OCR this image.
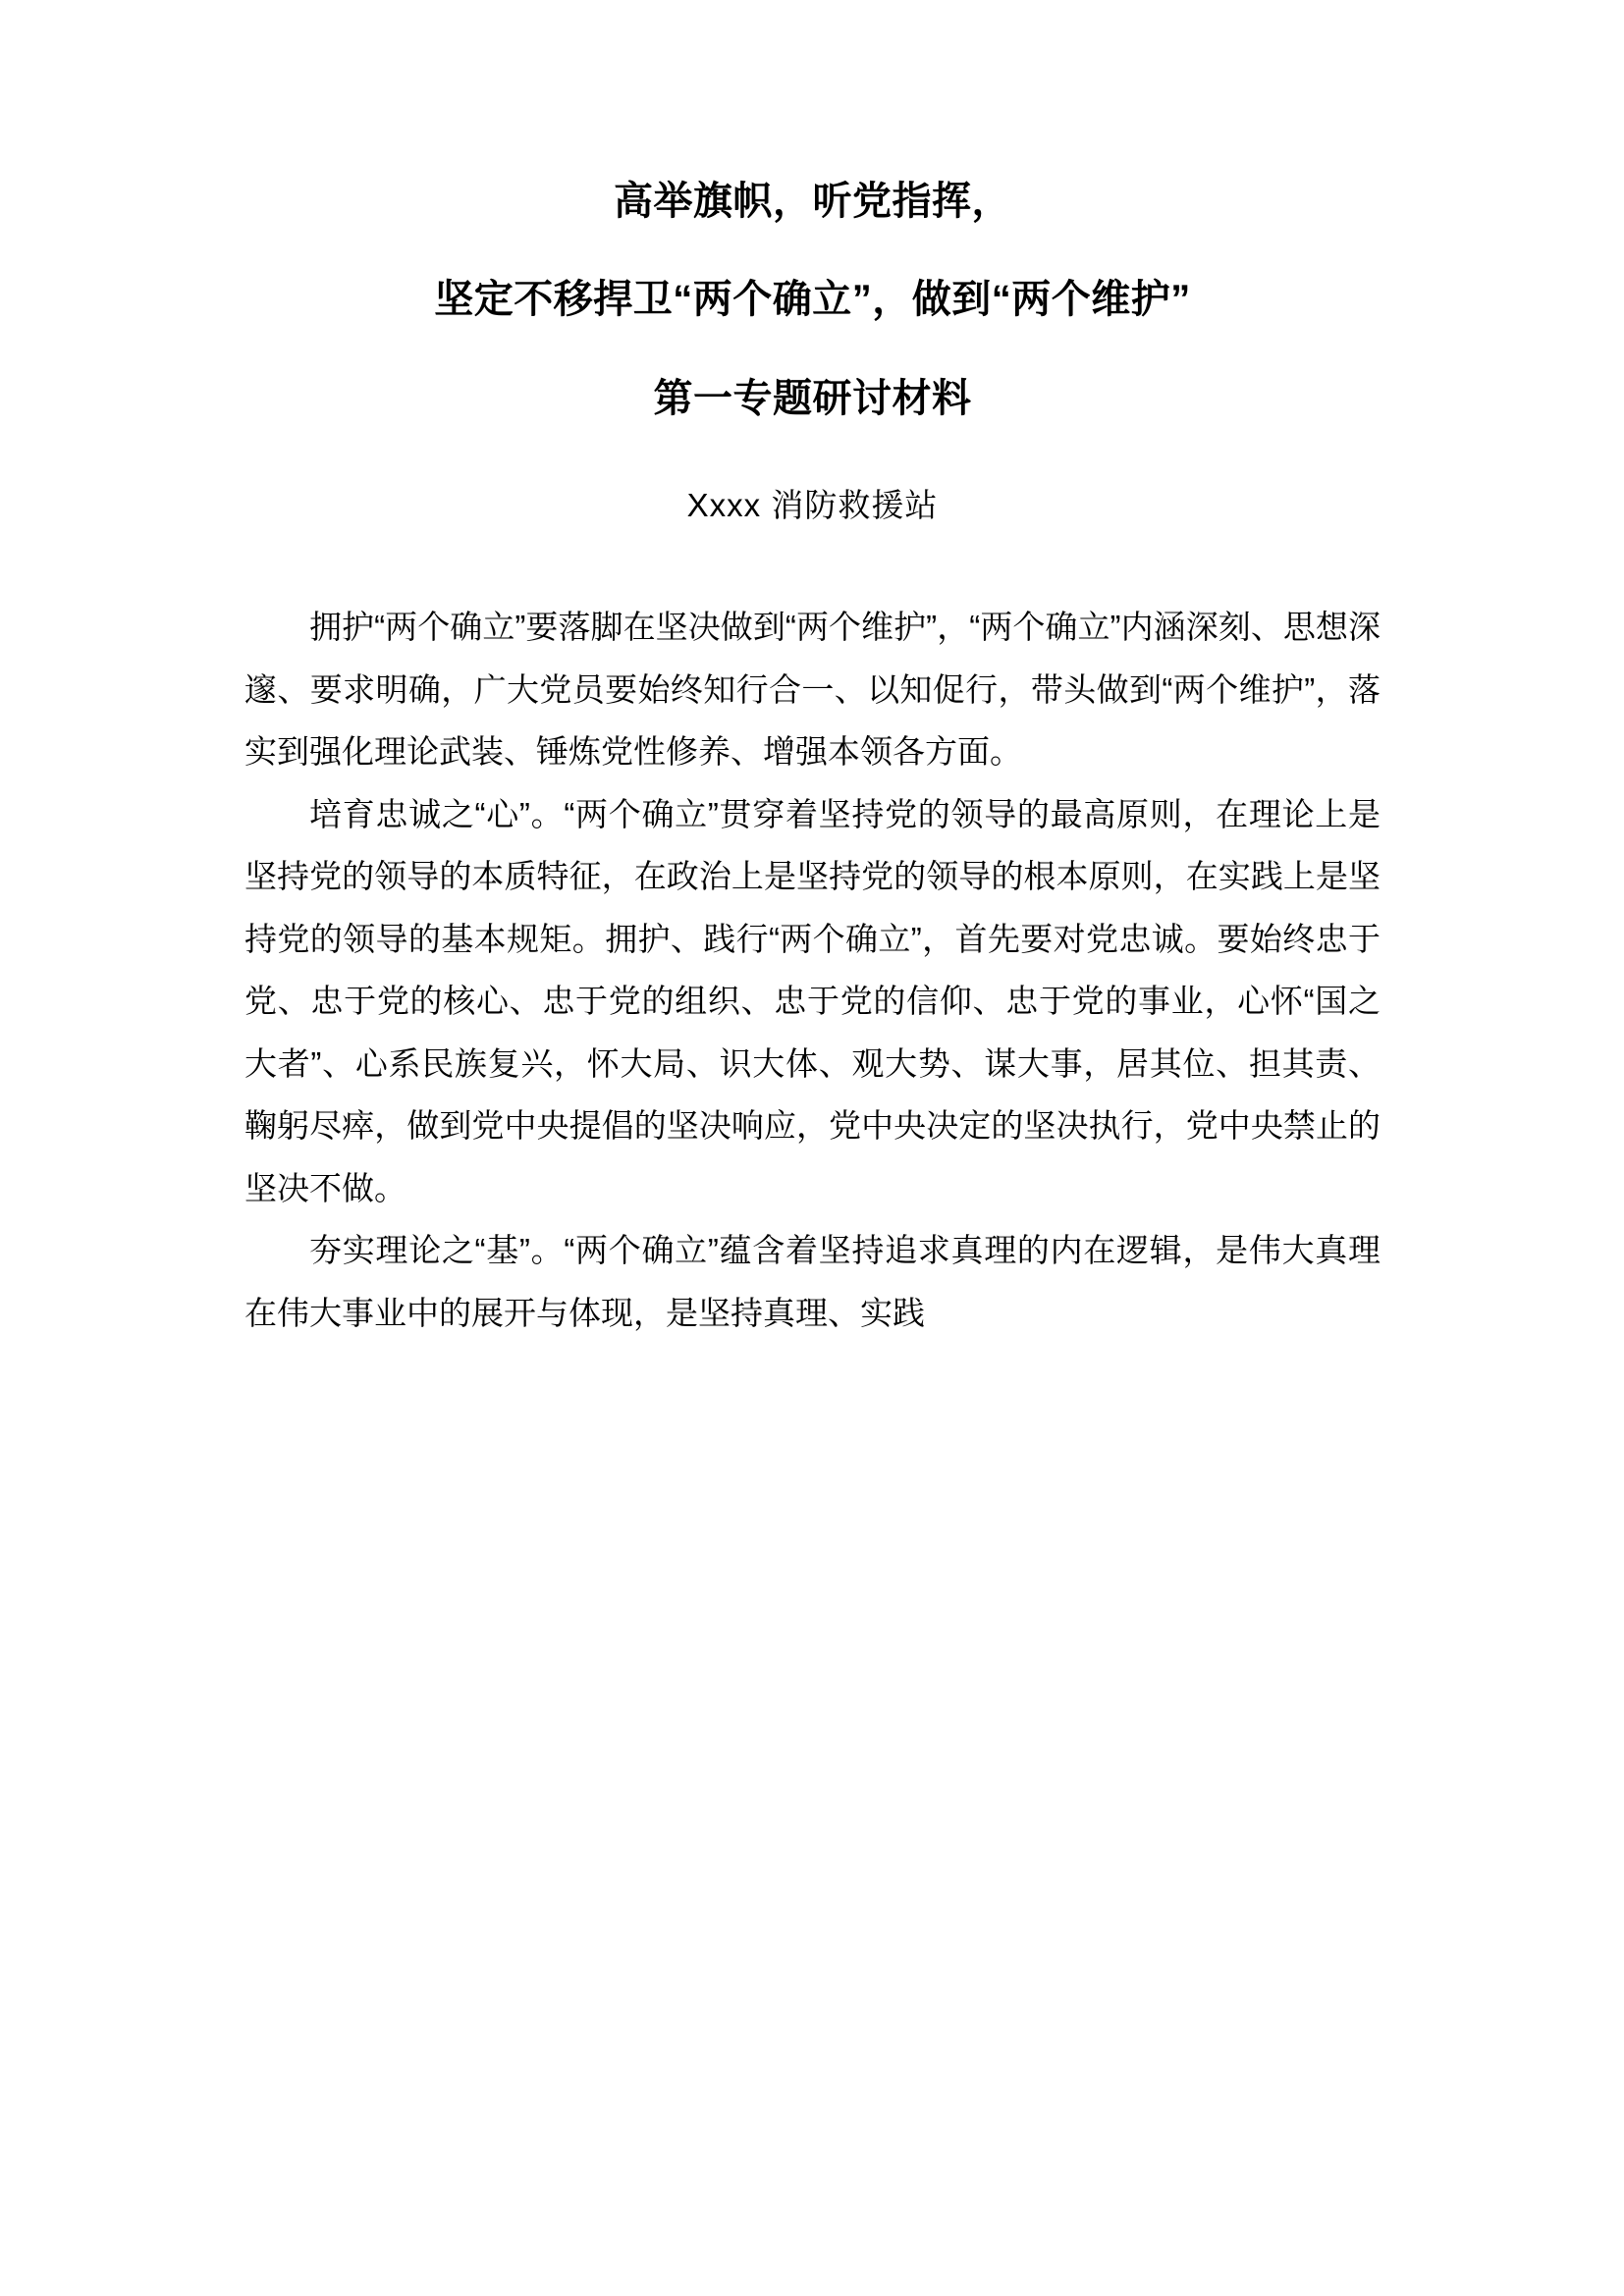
高举旗帜，听党指挥，
坚定不移捍卫“两个确立”，做到“两个维护”
第一专题研讨材料
Xxxx 消防救援站

拥护“两个确立”要落脚在坚决做到“两个维护”，“两个确立”内涵深刻、思想深邃、要求明确，广大党员要始终知行合一、以知促行，带头做到“两个维护”，落实到强化理论武装、锤炼党性修养、增强本领各方面。

培育忠诚之“心”。“两个确立”贯穿着坚持党的领导的最高原则，在理论上是坚持党的领导的本质特征，在政治上是坚持党的领导的根本原则，在实践上是坚持党的领导的基本规矩。拥护、践行“两个确立”，首先要对党忠诚。要始终忠于党、忠于党的核心、忠于党的组织、忠于党的信仰、忠于党的事业，心怀“国之大者”、心系民族复兴，怀大局、识大体、观大势、谋大事，居其位、担其责、鞠躬尽瘁，做到党中央提倡的坚决响应，党中央决定的坚决执行，党中央禁止的坚决不做。

夯实理论之“基”。“两个确立”蕴含着坚持追求真理的内在逻辑，是伟大真理在伟大事业中的展开与体现，是坚持真理、实践
